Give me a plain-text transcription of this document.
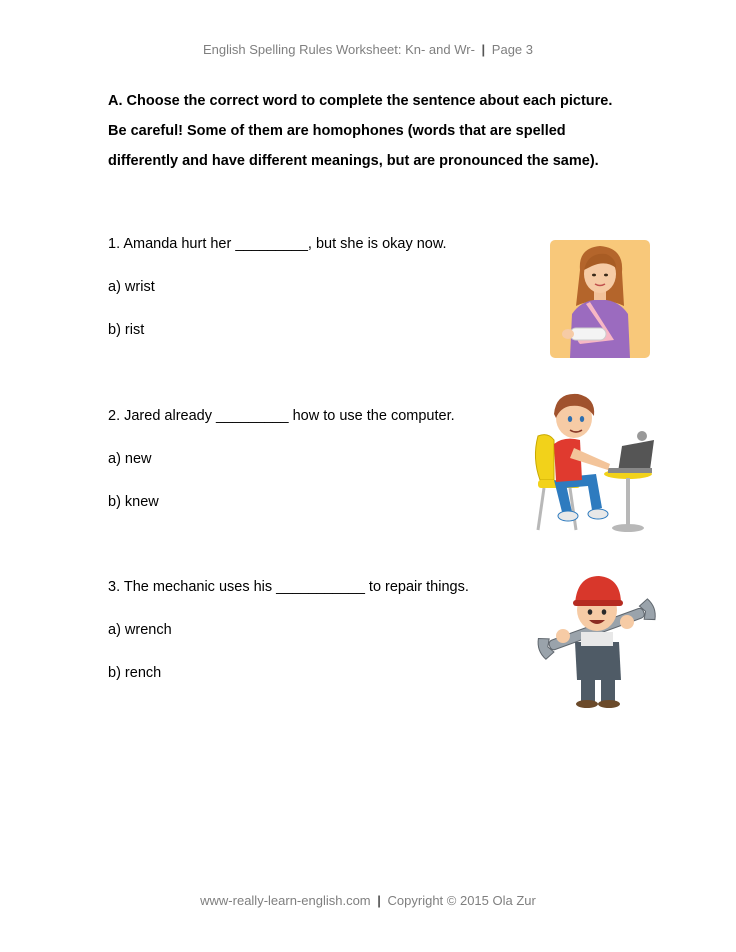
English Spelling Rules Worksheet: Kn- and Wr- | Page 3

A. Choose the correct word to complete the sentence about each picture.

Be careful! Some of them are homophones (words that are spelled

differently and have different meanings, but are pronounced the same).

1. Amanda hurt her _________, but she is okay now.

a) wrist

b) rist

2. Jared already _________ how to use the computer.

a) new

b) knew

3. The mechanic uses his ___________ to repair things.

a) wrench

b) rench

www-really-learn-english.com | Copyright © 2015 Ola Zur
